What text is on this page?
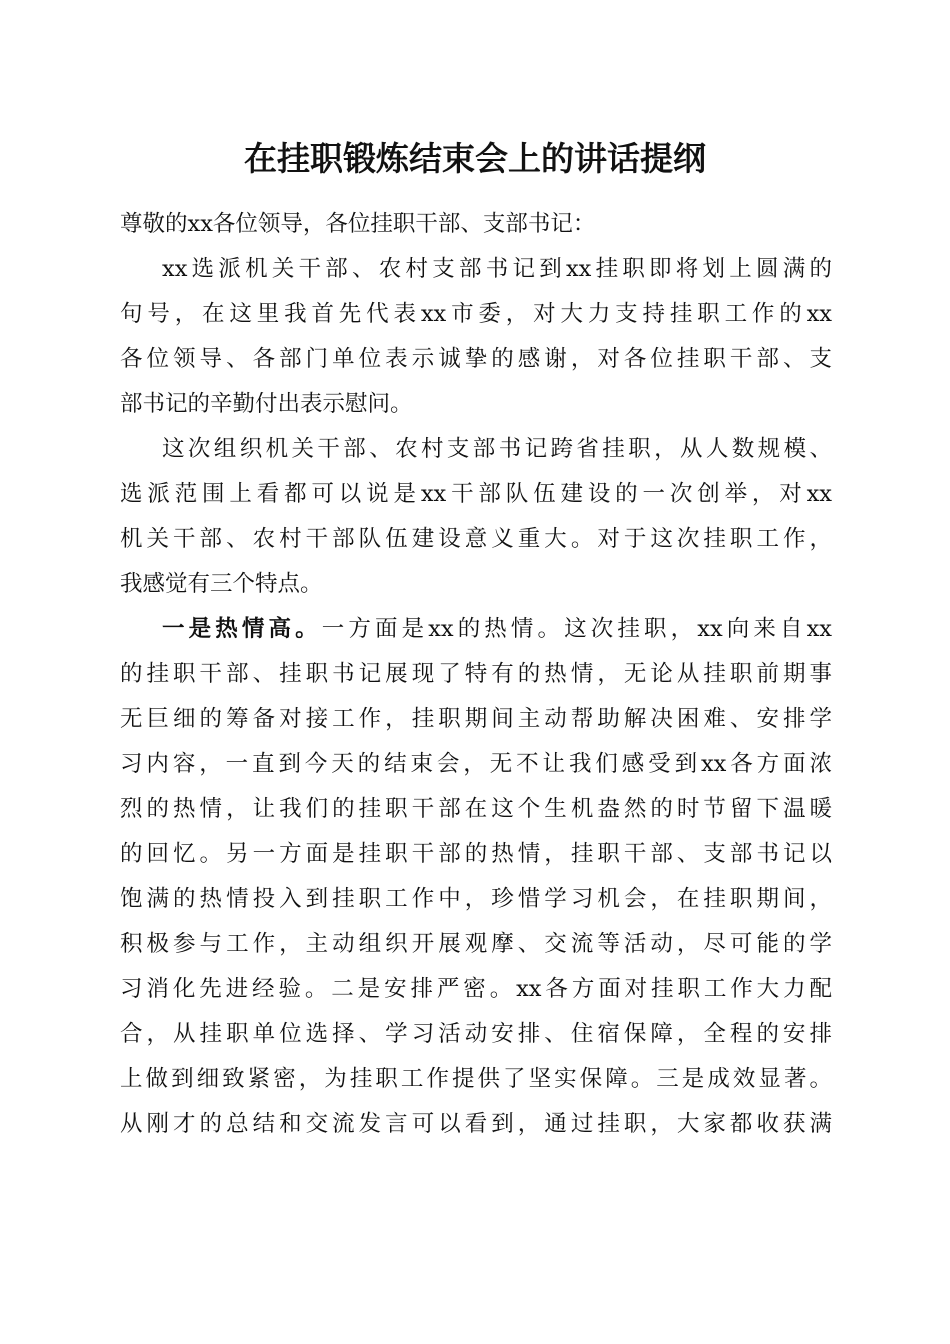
在挂职锻炼结束会上的讲话提纲
尊敬的xx各位领导，各位挂职干部、支部书记：
xx选派机关干部、农村支部书记到xx挂职即将划上圆满的
句号，在这里我首先代表xx市委，对大力支持挂职工作的xx
各位领导、各部门单位表示诚挚的感谢，对各位挂职干部、支
部书记的辛勤付出表示慰问。
这次组织机关干部、农村支部书记跨省挂职，从人数规模、
选派范围上看都可以说是xx干部队伍建设的一次创举，对xx
机关干部、农村干部队伍建设意义重大。对于这次挂职工作，
我感觉有三个特点。
一是热情高。一方面是xx的热情。这次挂职，xx向来自xx
的挂职干部、挂职书记展现了特有的热情，无论从挂职前期事
无巨细的筹备对接工作，挂职期间主动帮助解决困难、安排学
习内容，一直到今天的结束会，无不让我们感受到xx各方面浓
烈的热情，让我们的挂职干部在这个生机盎然的时节留下温暖
的回忆。另一方面是挂职干部的热情，挂职干部、支部书记以
饱满的热情投入到挂职工作中，珍惜学习机会，在挂职期间，
积极参与工作，主动组织开展观摩、交流等活动，尽可能的学
习消化先进经验。二是安排严密。xx各方面对挂职工作大力配
合，从挂职单位选择、学习活动安排、住宿保障，全程的安排
上做到细致紧密，为挂职工作提供了坚实保障。三是成效显著。
从刚才的总结和交流发言可以看到，通过挂职，大家都收获满
